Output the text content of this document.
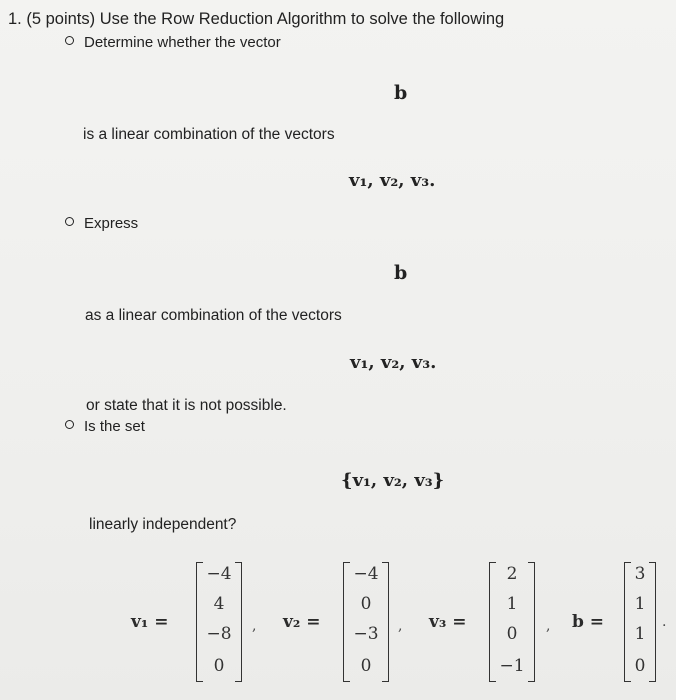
1. (5 points) Use the Row Reduction Algorithm to solve the following
Determine whether the vector
b
is a linear combination of the vectors
v₁, v₂, v₃.
Express
b
as a linear combination of the vectors
v₁, v₂, v₃.
or state that it is not possible.
Is the set
{v₁, v₂, v₃}
linearly independent?
v₁ =
−4
4
−8
0
, v₂ =
−4
0
−3
0
, v₃ =
2
1
0
−1
, b =
3
1
1
0
.
